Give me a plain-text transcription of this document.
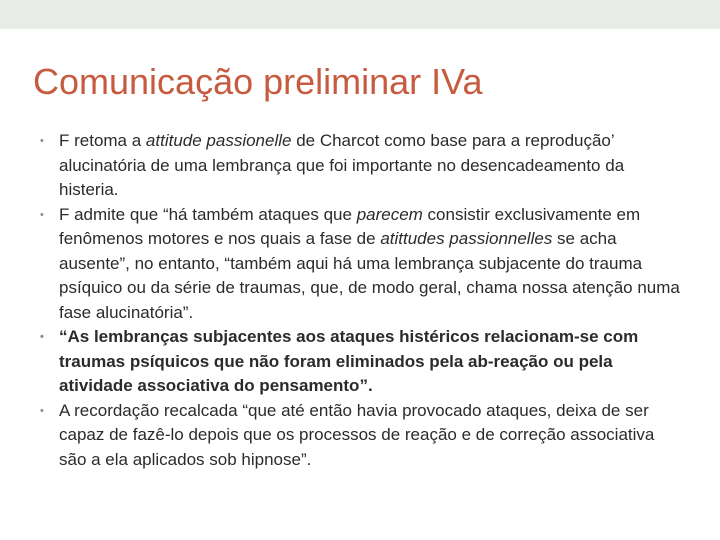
Comunicação preliminar IVa
• F retoma a attitude passionelle de Charcot como base para a reprodução’ alucinatória de uma lembrança que foi importante no desencadeamento da histeria.
• F admite que “há também ataques que parecem consistir exclusivamente em fenômenos motores e nos quais a fase de atittudes passionnelles se acha ausente”, no entanto, “também aqui há uma lembrança subjacente do trauma psíquico ou da série de traumas, que, de modo geral, chama nossa atenção numa fase alucinatória”.
• “As lembranças subjacentes aos ataques histéricos relacionam-se com traumas psíquicos que não foram eliminados pela ab-reação ou pela atividade associativa do pensamento”.
• A recordação recalcada “que até então havia provocado ataques, deixa de ser capaz de fazê-lo depois que os processos de reação e de correção associativa são a ela aplicados sob hipnose”.
